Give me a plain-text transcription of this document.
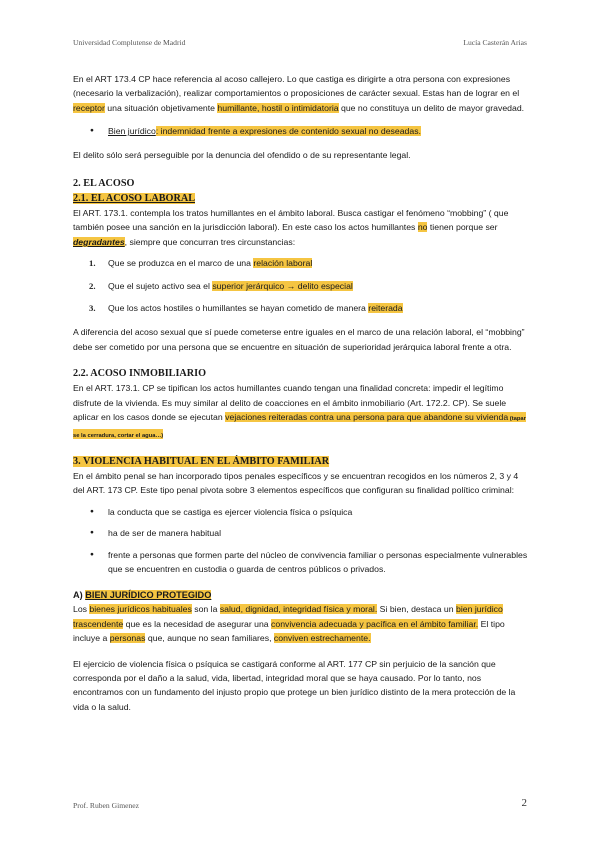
Universidad Complutense de Madrid	Lucía Casterán Arias

En el ART 173.4 CP hace referencia al acoso callejero. Lo que castiga es dirigirte a otra persona con expresiones (necesario la verbalización), realizar comportamientos o proposiciones de carácter sexual. Estas han de lograr en el receptor una situación objetivamente humillante, hostil o intimidatoria que no constituya un delito de mayor gravedad.

● Bien jurídico: indemnidad frente a expresiones de contenido sexual no deseadas.

El delito sólo será perseguible por la denuncia del ofendido o de su representante legal.

2. EL ACOSO
2.1. EL ACOSO LABORAL

El ART. 173.1. contempla los tratos humillantes en el ámbito laboral. Busca castigar el fenómeno “mobbing” ( que también posee una sanción en la jurisdicción laboral). En este caso los actos humillantes no tienen porque ser degradantes, siempre que concurran tres circunstancias:

1. Que se produzca en el marco de una relación laboral
2. Que el sujeto activo sea el superior jerárquico → delito especial
3. Que los actos hostiles o humillantes se hayan cometido de manera reiterada

A diferencia del acoso sexual que sí puede cometerse entre iguales en el marco de una relación laboral, el “mobbing” debe ser cometido por una persona que se encuentre en situación de superioridad jerárquica laboral frente a otra.

2.2. ACOSO INMOBILIARIO

En el ART. 173.1. CP se tipifican los actos humillantes cuando tengan una finalidad concreta: impedir el legítimo disfrute de la vivienda. Es muy similar al delito de coacciones en el ámbito inmobiliario (Art. 172.2. CP). Se suele aplicar en los casos donde se ejecutan vejaciones reiteradas contra una persona para que abandone su vivienda (tapar se la cerradura, cortar el agua…)

3. VIOLENCIA HABITUAL EN EL ÁMBITO FAMILIAR

En el ámbito penal se han incorporado tipos penales específicos y se encuentran recogidos en los números 2, 3 y 4 del ART. 173 CP. Este tipo penal pivota sobre 3 elementos específicos que configuran su finalidad político criminal:

● la conducta que se castiga es ejercer violencia física o psíquica
● ha de ser de manera habitual
● frente a personas que formen parte del núcleo de convivencia familiar o personas especialmente vulnerables que se encuentren en custodia o guarda de centros públicos o privados.
A) BIEN JURÍDICO PROTEGIDO

Los bienes jurídicos habituales son la salud, dignidad, integridad física y moral. Si bien, destaca un bien jurídico trascendente que es la necesidad de asegurar una convivencia adecuada y pacífica en el ámbito familiar. El tipo incluye a personas que, aunque no sean familiares, conviven estrechamente.

El ejercicio de violencia física o psíquica se castigará conforme al ART. 177 CP sin perjuicio de la sanción que corresponda por el daño a la salud, vida, libertad, integridad moral que se haya causado. Por lo tanto, nos encontramos con un fundamento del injusto propio que protege un bien jurídico distinto de la mera protección de la vida o la salud.

Prof. Ruben Gimenez	2
